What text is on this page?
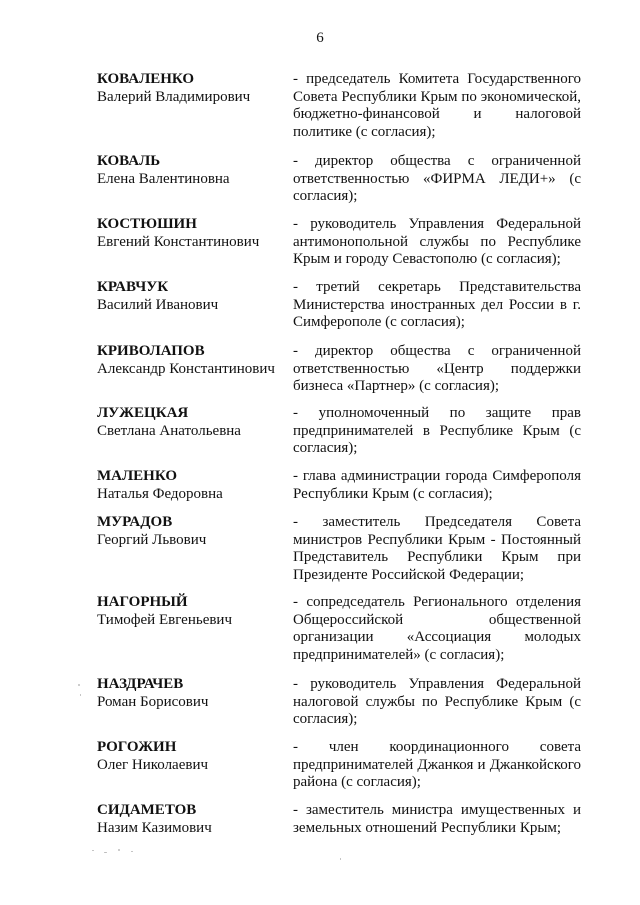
6
КОВАЛЕНКО
Валерий Владимирович
- председатель Комитета Государственного Совета Республики Крым по экономической, бюджетно-финансовой и налоговой политике (с согласия);
КОВАЛЬ
Елена Валентиновна
- директор общества с ограниченной ответственностью «ФИРМА ЛЕДИ+» (с согласия);
КОСТЮШИН
Евгений Константинович
- руководитель Управления Федеральной антимонопольной службы по Республике Крым и городу Севастополю (с согласия);
КРАВЧУК
Василий Иванович
- третий секретарь Представительства Министерства иностранных дел России в г. Симферополе (с согласия);
КРИВОЛАПОВ
Александр Константинович
- директор общества с ограниченной ответственностью «Центр поддержки бизнеса «Партнер» (с согласия);
ЛУЖЕЦКАЯ
Светлана Анатольевна
- уполномоченный по защите прав предпринимателей в Республике Крым (с согласия);
МАЛЕНКО
Наталья Федоровна
- глава администрации города Симферополя Республики Крым (с согласия);
МУРАДОВ
Георгий Львович
- заместитель Председателя Совета министров Республики Крым - Постоянный Представитель Республики Крым при Президенте Российской Федерации;
НАГОРНЫЙ
Тимофей Евгеньевич
- сопредседатель Регионального отделения Общероссийской общественной организации «Ассоциация молодых предпринимателей» (с согласия);
НАЗДРАЧЕВ
Роман Борисович
- руководитель Управления Федеральной налоговой службы по Республике Крым (с согласия);
РОГОЖИН
Олег Николаевич
- член координационного совета предпринимателей Джанкоя и Джанкойского района (с согласия);
СИДАМЕТОВ
Назим Казимович
- заместитель министра имущественных и земельных отношений Республики Крым;
